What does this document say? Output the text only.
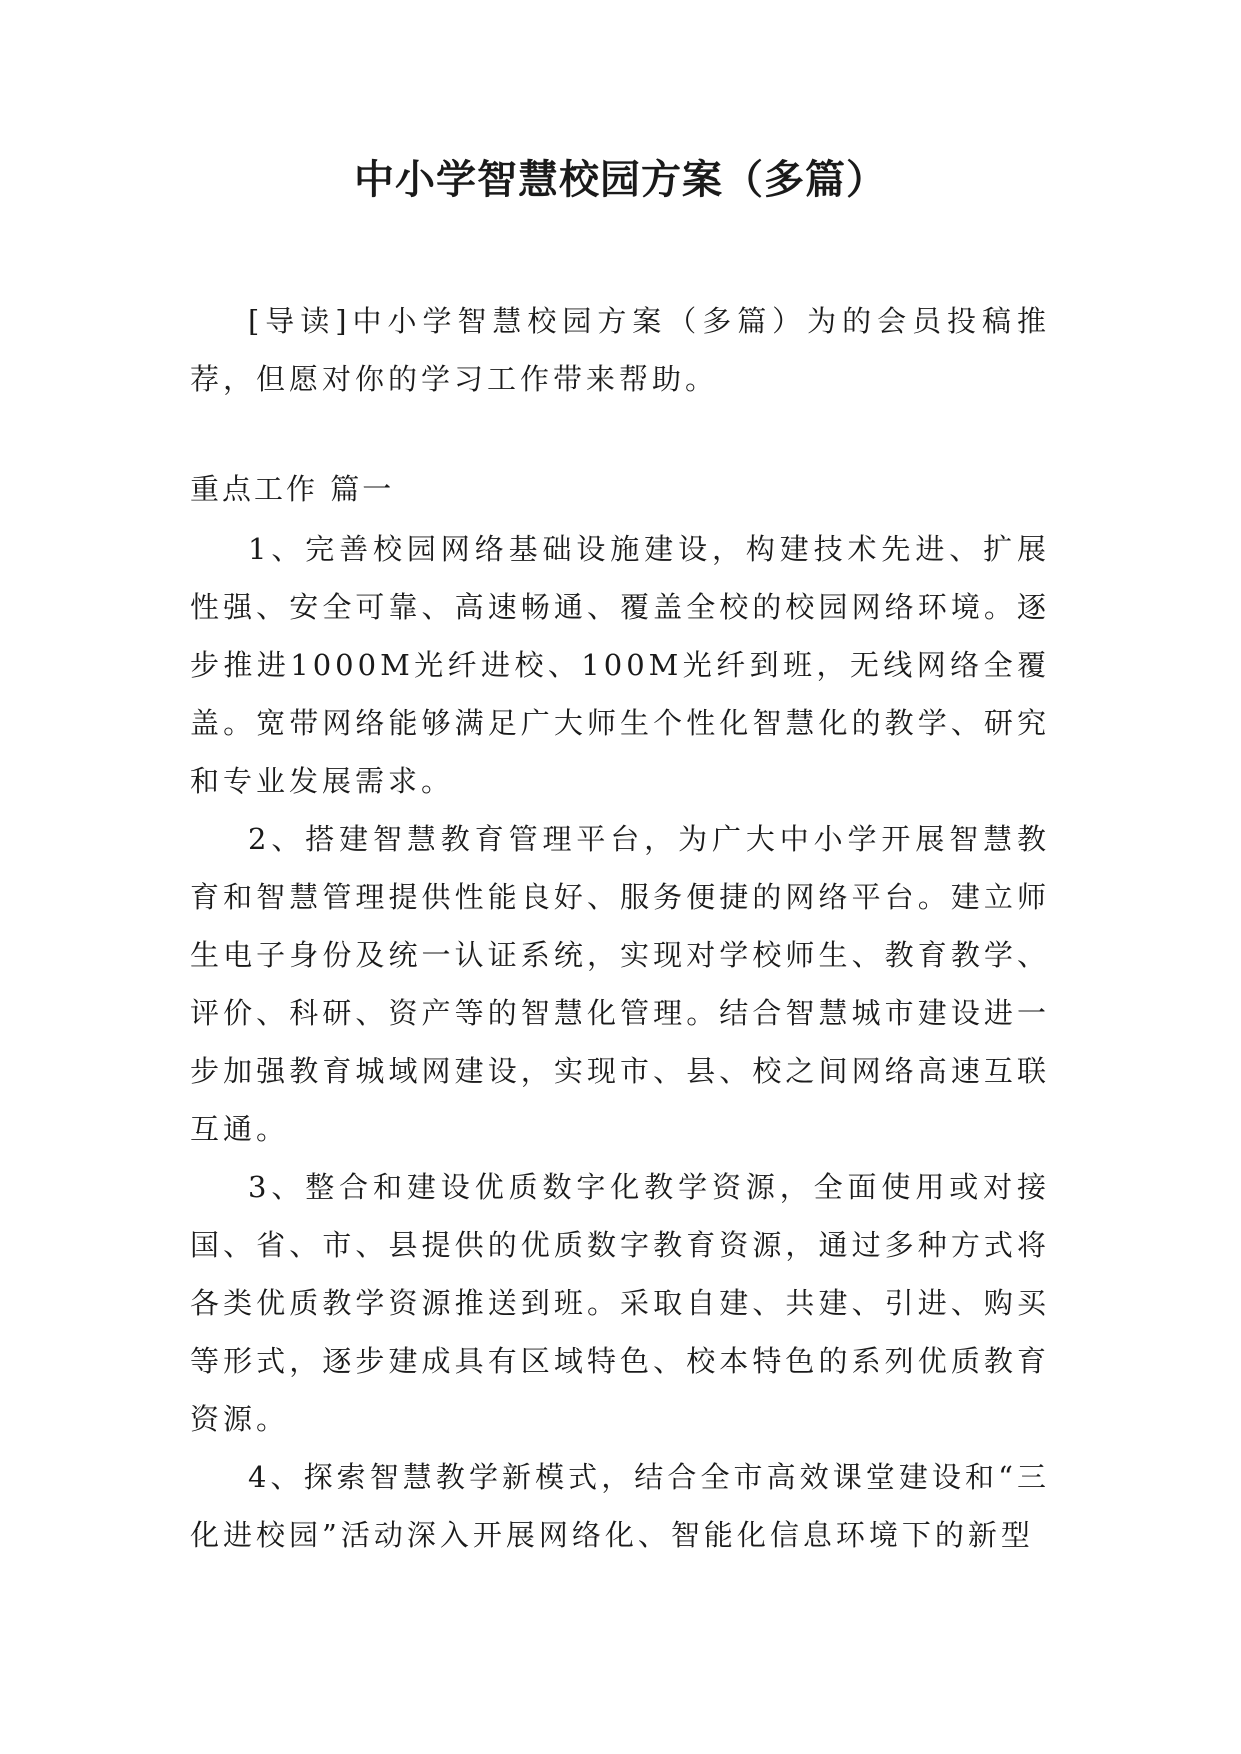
中小学智慧校园方案（多篇）

[导读]中小学智慧校园方案（多篇）为的会员投稿推荐，但愿对你的学习工作带来帮助。

重点工作 篇一

1、完善校园网络基础设施建设，构建技术先进、扩展性强、安全可靠、高速畅通、覆盖全校的校园网络环境。逐步推进1000M光纤进校、100M光纤到班，无线网络全覆盖。宽带网络能够满足广大师生个性化智慧化的教学、研究和专业发展需求。

2、搭建智慧教育管理平台，为广大中小学开展智慧教育和智慧管理提供性能良好、服务便捷的网络平台。建立师生电子身份及统一认证系统，实现对学校师生、教育教学、评价、科研、资产等的智慧化管理。结合智慧城市建设进一步加强教育城域网建设，实现市、县、校之间网络高速互联互通。

3、整合和建设优质数字化教学资源，全面使用或对接国、省、市、县提供的优质数字教育资源，通过多种方式将各类优质教学资源推送到班。采取自建、共建、引进、购买等形式，逐步建成具有区域特色、校本特色的系列优质教育资源。

4、探索智慧教学新模式，结合全市高效课堂建设和“三化进校园”活动深入开展网络化、智能化信息环境下的新型
